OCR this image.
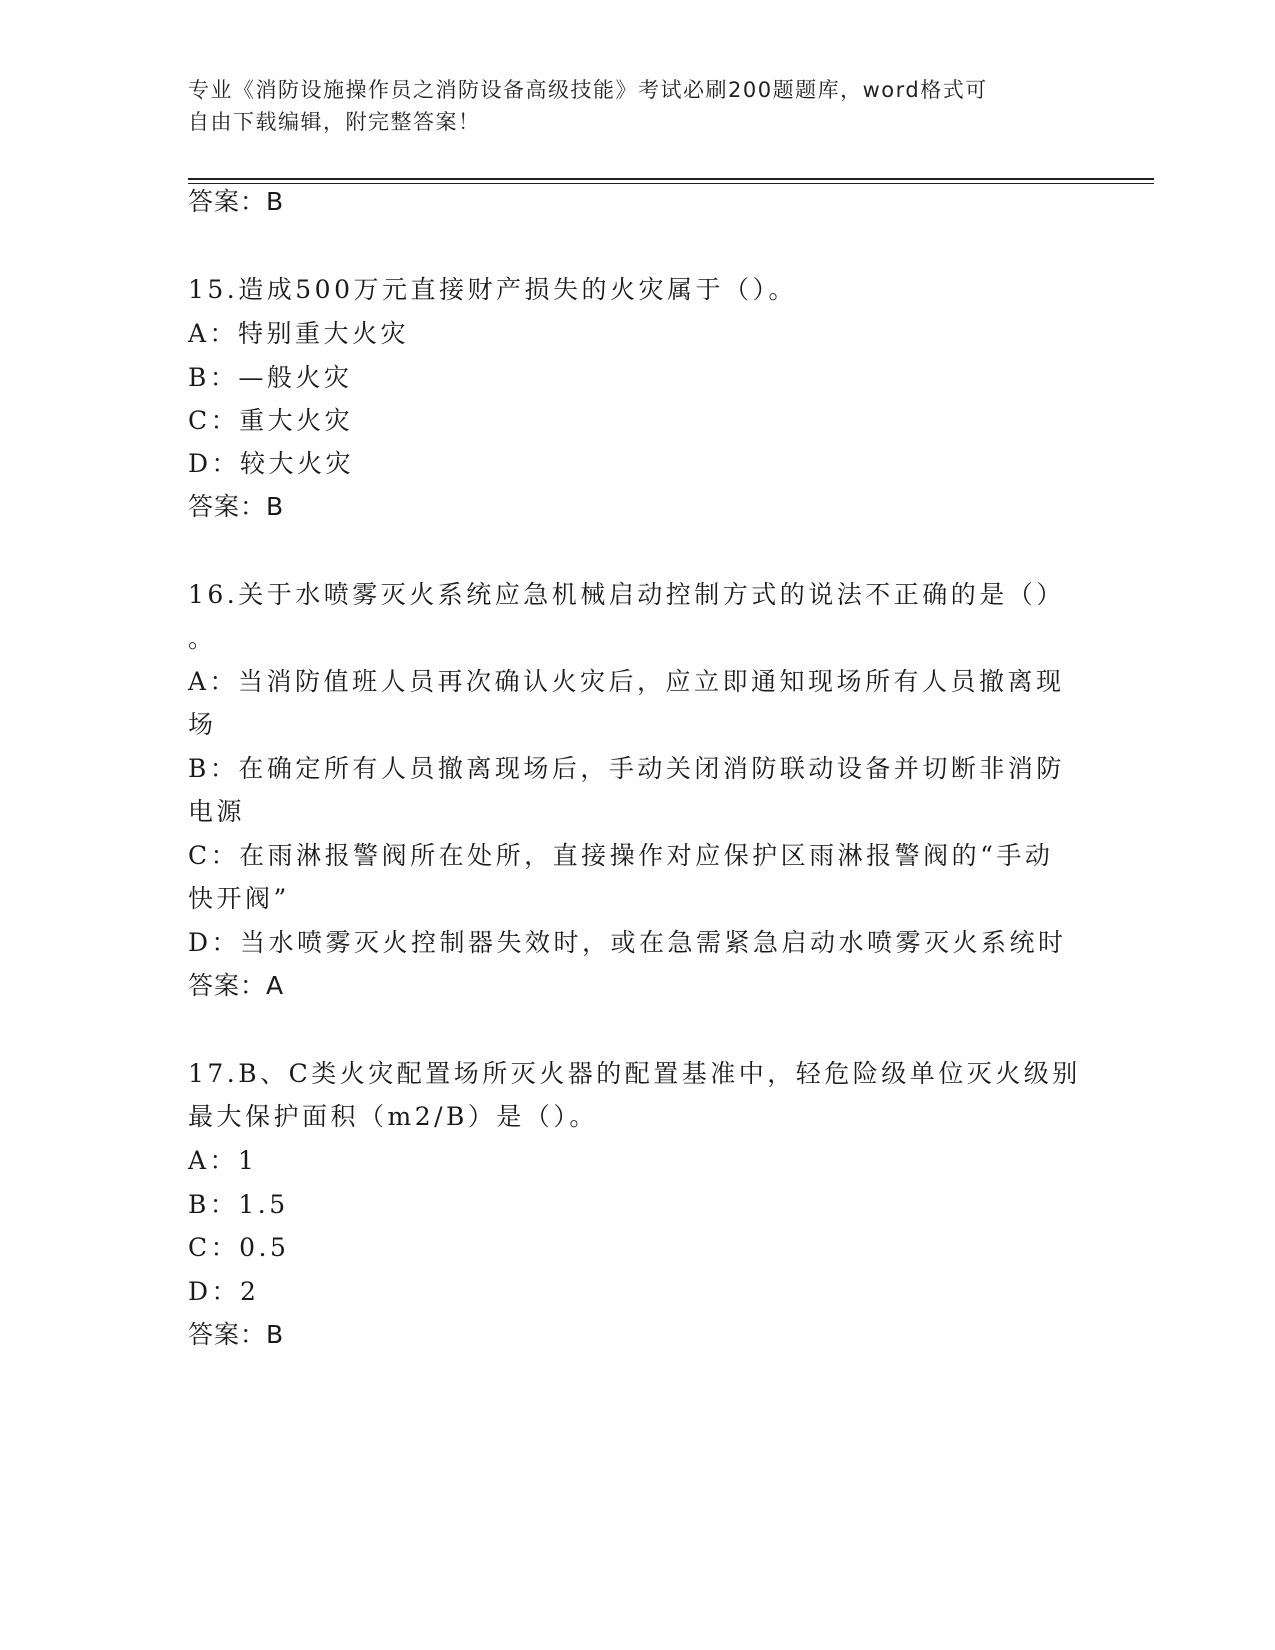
专业《消防设施操作员之消防设备高级技能》考试必刷200题题库，word格式可
自由下载编辑，附完整答案！
答案：B
15.造成500万元直接财产损失的火灾属于（）。
A：特别重大火灾
B：—般火灾
C：重大火灾
D：较大火灾
答案：B
16.关于水喷雾灭火系统应急机械启动控制方式的说法不正确的是（）
。
A：当消防值班人员再次确认火灾后，应立即通知现场所有人员撤离现
场
B：在确定所有人员撤离现场后，手动关闭消防联动设备并切断非消防
电源
C：在雨淋报警阀所在处所，直接操作对应保护区雨淋报警阀的“手动
快开阀”
D：当水喷雾灭火控制器失效时，或在急需紧急启动水喷雾灭火系统时
答案：A
17.B、C类火灾配置场所灭火器的配置基准中，轻危险级单位灭火级别
最大保护面积（m2/B）是（）。
A：1
B：1.5
C：0.5
D：2
答案：B
